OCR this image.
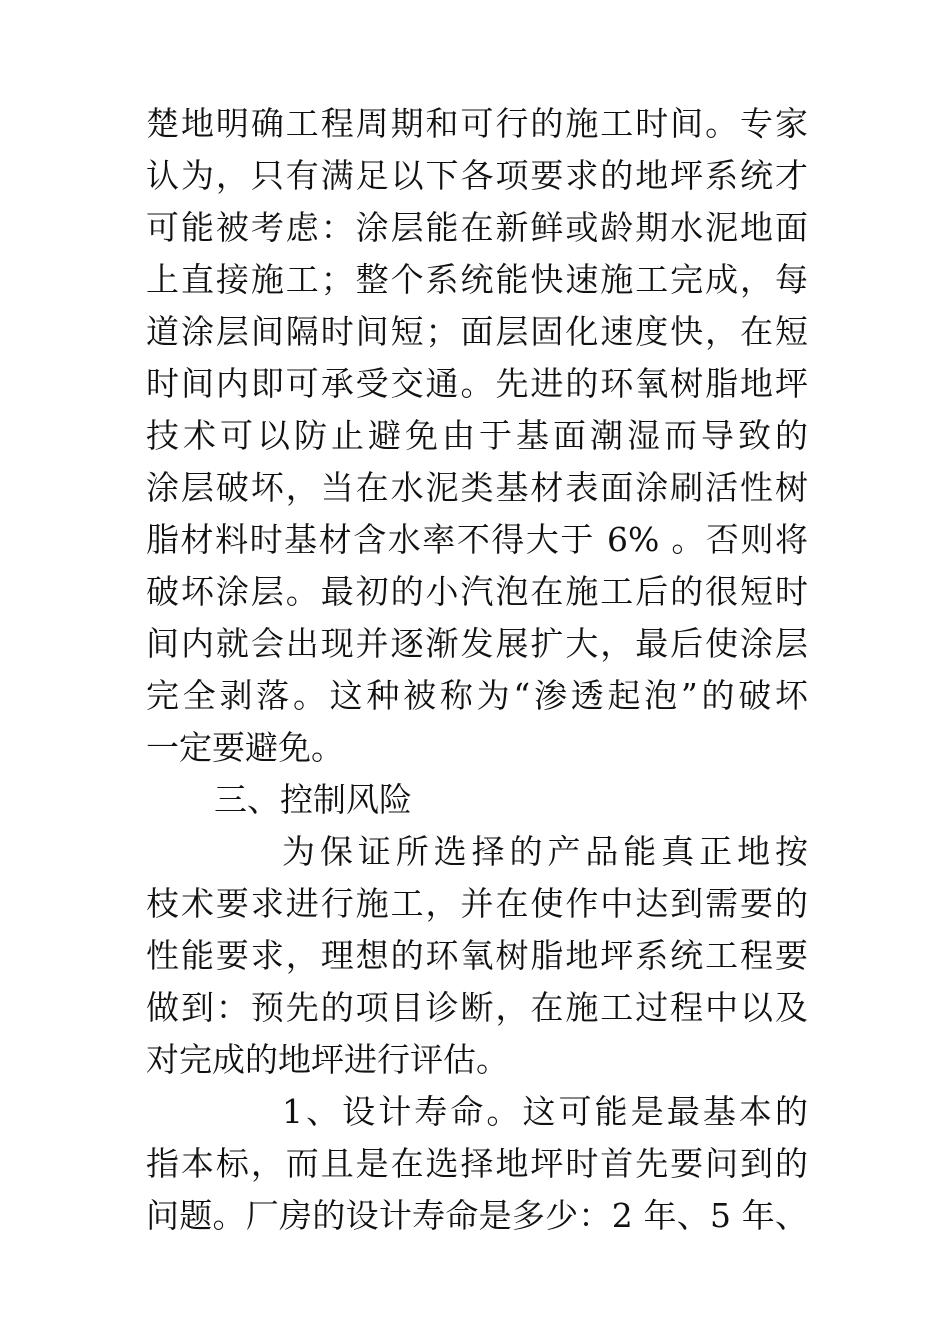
楚地明确工程周期和可行的施工时间。专家
认为，只有满足以下各项要求的地坪系统才
可能被考虑：涂层能在新鲜或龄期水泥地面
上直接施工；整个系统能快速施工完成，每
道涂层间隔时间短；面层固化速度快，在短
时间内即可承受交通。先进的环氧树脂地坪
技术可以防止避免由于基面潮湿而导致的
涂层破坏，当在水泥类基材表面涂刷活性树
脂材料时基材含水率不得大于 6% 。否则将
破坏涂层。最初的小汽泡在施工后的很短时
间内就会出现并逐渐发展扩大，最后使涂层
完全剥落。这种被称为“渗透起泡”的破坏
一定要避免。
三、控制风险
为保证所选择的产品能真正地按
枝术要求进行施工，并在使作中达到需要的
性能要求，理想的环氧树脂地坪系统工程要
做到：预先的项目诊断，在施工过程中以及
对完成的地坪进行评估。
1、设计寿命。这可能是最基本的
指本标，而且是在选择地坪时首先要问到的
问题。厂房的设计寿命是多少：2 年、5 年、
